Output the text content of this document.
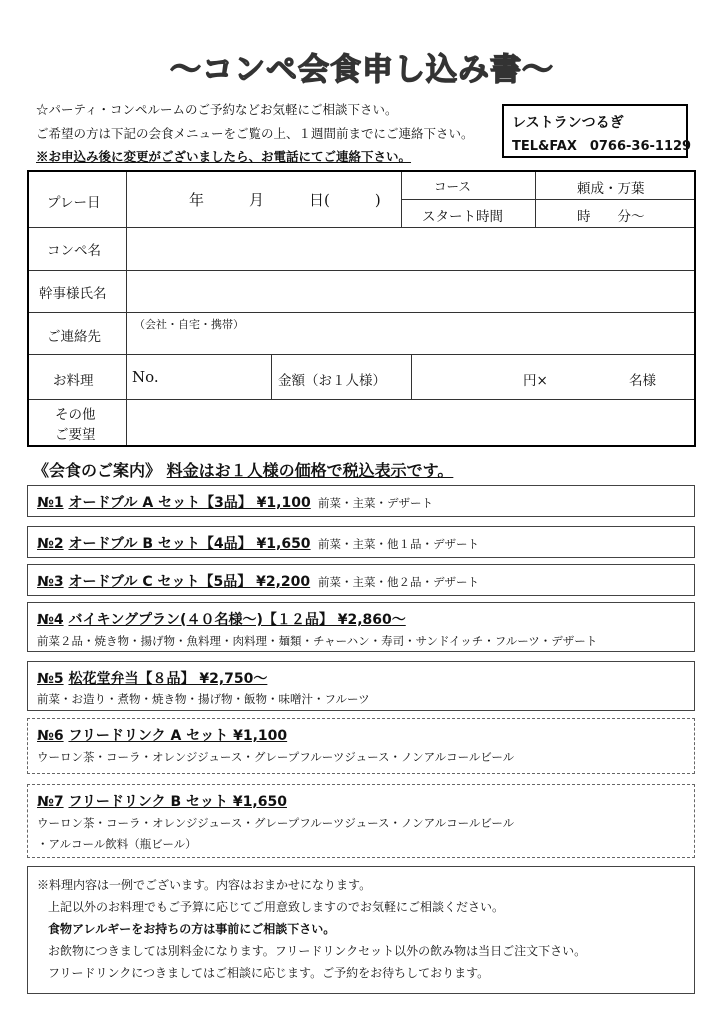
～コンペ会食申し込み書～
☆パーティ・コンペルームのご予約などお気軽にご相談下さい。
ご希望の方は下記の会食メニューをご覧の上、１週間前までにご連絡下さい。
※お申込み後に変更がございましたら、お電話にてご連絡下さい。
レストランつるぎ
TEL&FAX　0766-36-1129
プレー日	年　　　月　　　日(　　　)
コース	頼成・万葉
スタート時間	時　　分～
コンペ名
幹事様氏名
ご連絡先
（会社・自宅・携帯）
お料理	No.	金額（お１人様）	円×	名様
その他
ご要望
《会食のご案内》 料金はお１人様の価格で税込表示です。
№1 オードブル A セット【3品】 ¥1,100 前菜・主菜・デザート
№2 オードブル B セット【4品】 ¥1,650 前菜・主菜・他１品・デザート
№3 オードブル C セット【5品】 ¥2,200 前菜・主菜・他２品・デザート
№4 バイキングプラン(４０名様～)【１２品】 ¥2,860～
前菜２品・焼き物・揚げ物・魚料理・肉料理・麺類・チャーハン・寿司・サンドイッチ・フルーツ・デザート
№5 松花堂弁当【８品】 ¥2,750～
前菜・お造り・煮物・焼き物・揚げ物・飯物・味噌汁・フルーツ
№6 フリードリンク A セット ¥1,100
ウーロン茶・コーラ・オレンジジュース・グレープフルーツジュース・ノンアルコールビール
№7 フリードリンク B セット ¥1,650
ウーロン茶・コーラ・オレンジジュース・グレープフルーツジュース・ノンアルコールビール
・アルコール飲料（瓶ビール）
※料理内容は一例でございます。内容はおまかせになります。
上記以外のお料理でもご予算に応じてご用意致しますのでお気軽にご相談ください。
食物アレルギーをお持ちの方は事前にご相談下さい。
お飲物につきましては別料金になります。フリードリンクセット以外の飲み物は当日ご注文下さい。
フリードリンクにつきましてはご相談に応じます。ご予約をお待ちしております。
